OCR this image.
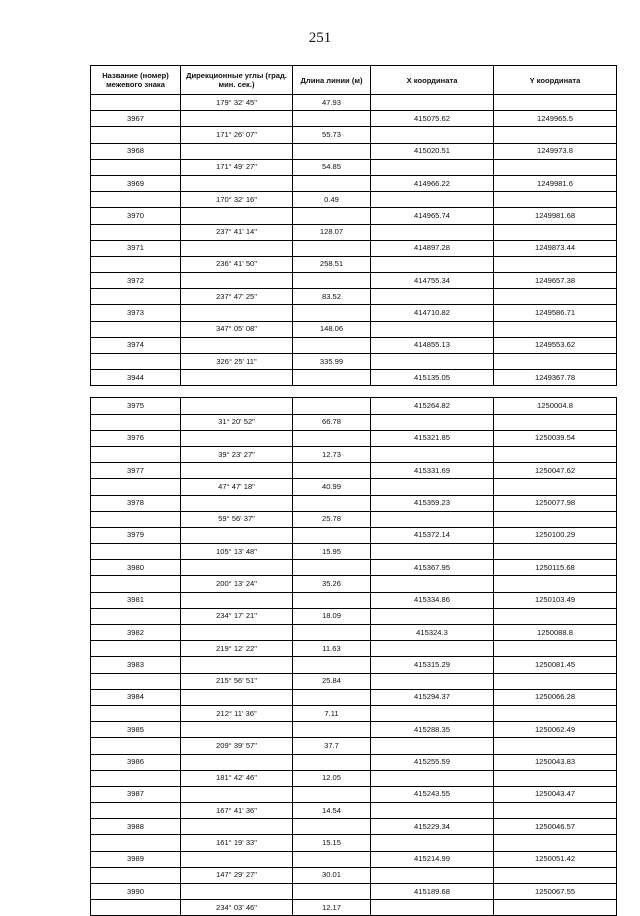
251
Название (номер) межевого знака	Дирекционные углы (град. мин. сек.)	Длина линии (м)	X координата	Y координата
	179° 32' 45"	47.93		
3967			415075.62	1249965.5
	171° 26' 07"	55.73		
3968			415020.51	1249973.8
	171° 49' 27"	54.85		
3969			414966.22	1249981.6
	170° 32' 16"	0.49		
3970			414965.74	1249981.68
	237° 41' 14"	128.07		
3971			414897.28	1249873.44
	236° 41' 50"	258.51		
3972			414755.34	1249657.38
	237° 47' 25"	83.52		
3973			414710.82	1249586.71
	347° 05' 08"	148.06		
3974			414855.13	1249553.62
	326° 25' 11"	335.99		
3944			415135.05	1249367.78

3975			415264.82	1250004.8
	31° 20' 52"	66.78		
3976			415321.85	1250039.54
	39° 23' 27"	12.73		
3977			415331.69	1250047.62
	47° 47' 18"	40.99		
3978			415359.23	1250077.98
	59° 56' 37"	25.78		
3979			415372.14	1250100.29
	105° 13' 48"	15.95		
3980			415367.95	1250115.68
	200° 13' 24"	35.26		
3981			415334.86	1250103.49
	234° 17' 21"	18.09		
3982			415324.3	1250088.8
	219° 12' 22"	11.63		
3983			415315.29	1250081.45
	215° 56' 51"	25.84		
3984			415294.37	1250066.28
	212° 11' 36"	7.11		
3985			415288.35	1250062.49
	209° 39' 57"	37.7		
3986			415255.59	1250043.83
	181° 42' 46"	12.05		
3987			415243.55	1250043.47
	167° 41' 36"	14.54		
3988			415229.34	1250046.57
	161° 19' 33"	15.15		
3989			415214.99	1250051.42
	147° 29' 27"	30.01		
3990			415189.68	1250067.55
	234° 03' 46"	12.17		
